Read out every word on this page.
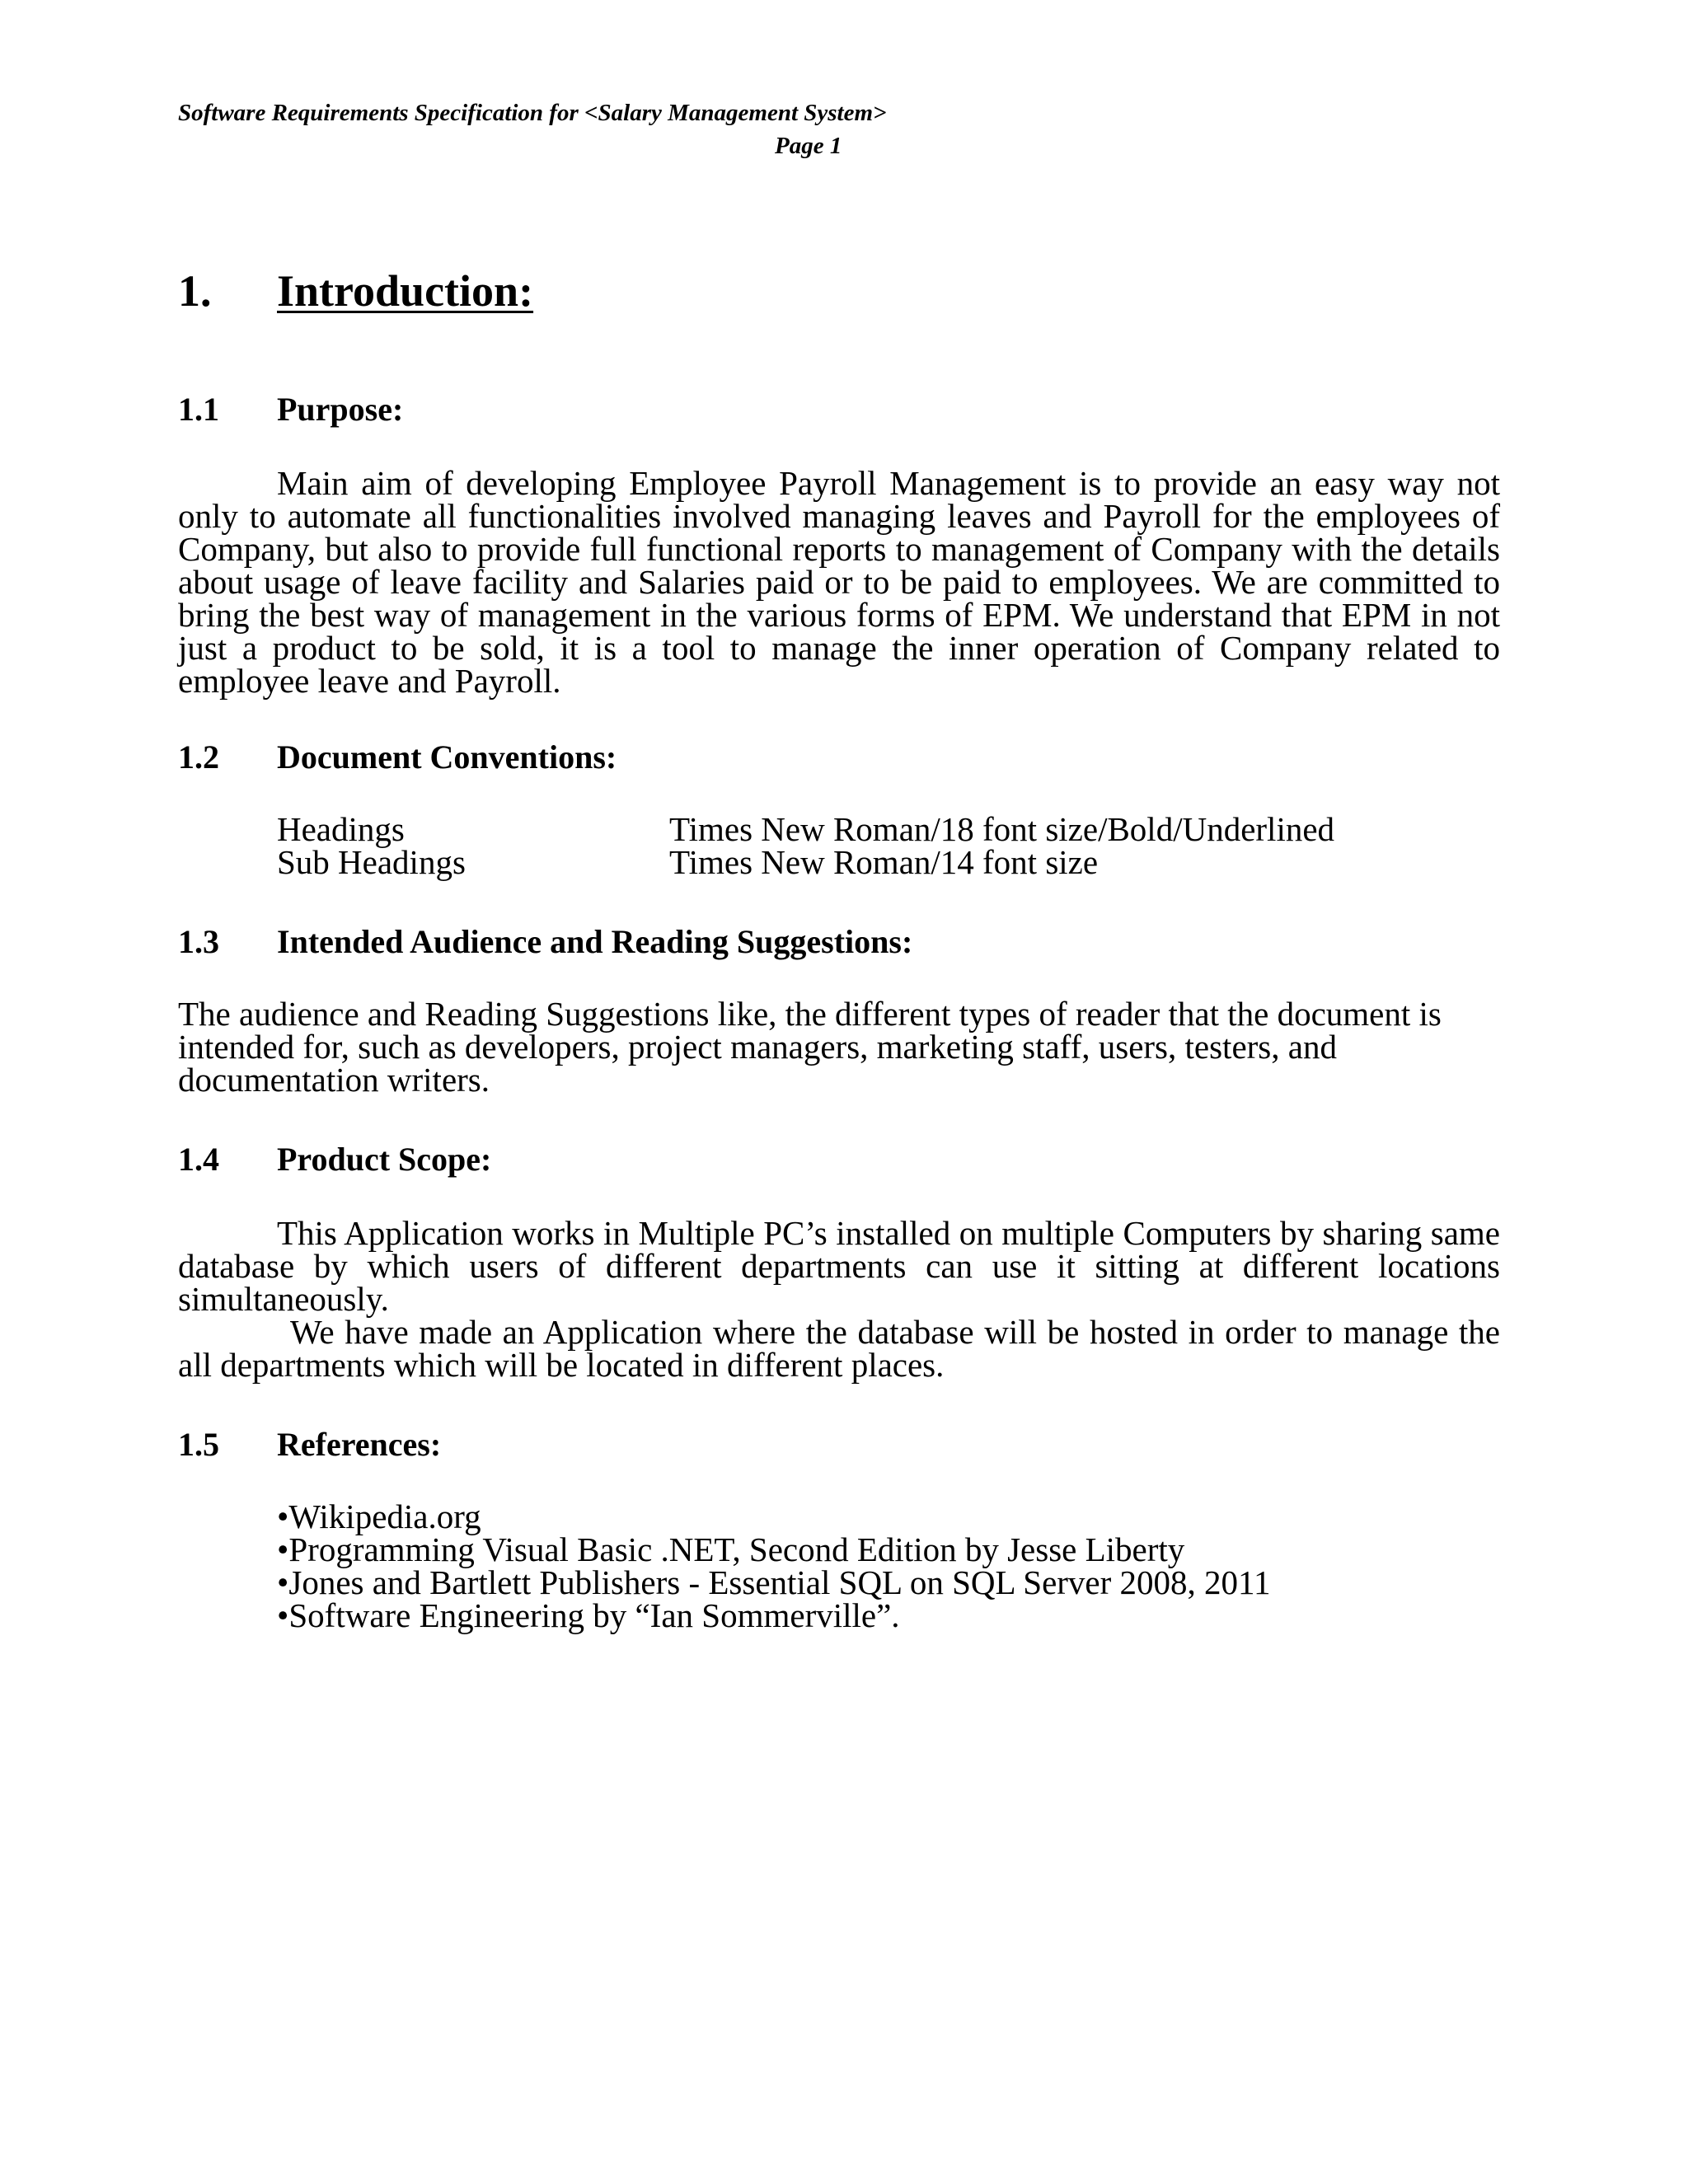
Software Requirements Specification for <Salary Management System>
Page 1
1. Introduction:
1.1 Purpose:

Main aim of developing Employee Payroll Management is to provide an easy way not only to automate all functionalities involved managing leaves and Payroll for the employees of Company, but also to provide full functional reports to management of Company with the details about usage of leave facility and Salaries paid or to be paid to employees. We are committed to bring the best way of management in the various forms of EPM. We understand that EPM in not just a product to be sold, it is a tool to manage the inner operation of Company related to employee leave and Payroll.

1.2 Document Conventions:
Headings	Times New Roman/18 font size/Bold/Underlined
Sub Headings	Times New Roman/14 font size
1.3 Intended Audience and Reading Suggestions:

The audience and Reading Suggestions like, the different types of reader that the document is intended for, such as developers, project managers, marketing staff, users, testers, and documentation writers.

1.4 Product Scope:

This Application works in Multiple PC’s installed on multiple Computers by sharing same database by which users of different departments can use it sitting at different locations simultaneously.

We have made an Application where the database will be hosted in order to manage the all departments which will be located in different places.

1.5 References:
• Wikipedia.org
• Programming Visual Basic .NET, Second Edition by Jesse Liberty
• Jones and Bartlett Publishers - Essential SQL on SQL Server 2008, 2011
• Software Engineering by “Ian Sommerville”.
